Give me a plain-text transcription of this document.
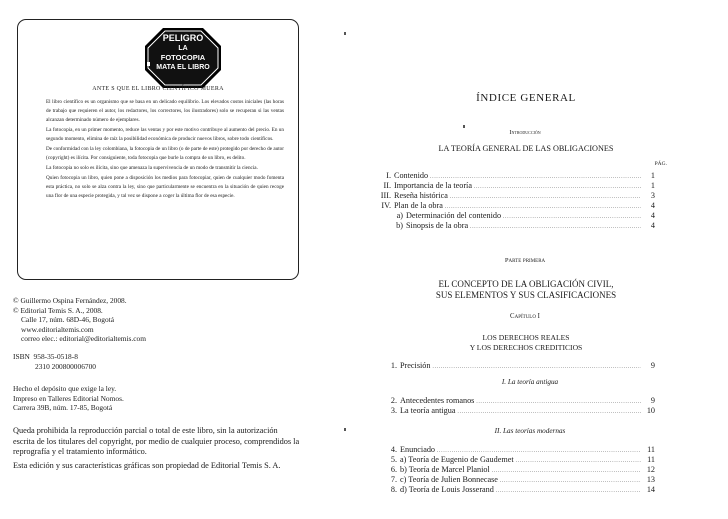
PELIGRO
LA
FOTOCOPIA
MATA EL LIBRO
ANTE S QUE EL LIBRO CIENTÍFICO MUERA

El libro científico es un organismo que se basa en un delicado equilibrio. Los elevados costos iniciales (las horas de trabajo que requieren el autor, los redactores, los correctores, los ilustradores) solo se recuperan si las ventas alcanzan determinado número de ejemplares.

La fotocopia, en un primer momento, reduce las ventas y por este motivo contribuye al aumento del precio. En un segundo momento, elimina de raíz la posibilidad económica de producir nuevos libros, sobre todo científicos.

De conformidad con la ley colombiana, la fotocopia de un libro (o de parte de este) protegido por derecho de autor (copyright) es ilícita. Por consiguiente, toda fotocopia que burle la compra de un libro, es delito.

La fotocopia no solo es ilícita, sino que amenaza la supervivencia de un modo de transmitir la ciencia.

Quien fotocopia un libro, quien pone a disposición los medios para fotocopiar, quien de cualquier modo fomenta esta práctica, no solo se alza contra la ley, sino que particularmente se encuentra en la situación de quien recoge una flor de una especie protegida, y tal vez se dispone a coger la última flor de esa especie.

© Guillermo Ospina Fernández, 2008.
© Editorial Temis S. A., 2008.
Calle 17, núm. 68D-46, Bogotá
www.editorialtemis.com
correo elec.: editorial@editorialtemis.com
ISBN 958-35-0518-8
2310 200800006700
Hecho el depósito que exige la ley.
Impreso en Talleres Editorial Nomos.
Carrera 39B, núm. 17-85, Bogotá

Queda prohibida la reproducción parcial o total de este libro, sin la autorización escrita de los titulares del copyright, por medio de cualquier proceso, comprendidos la reprografía y el tratamiento informático.

Esta edición y sus características gráficas son propiedad de Editorial Temis S. A.

ÍNDICE GENERAL
Introducción
LA TEORÍA GENERAL DE LAS OBLIGACIONES
PÁG.
I. Contenido . . .	1
II. Importancia de la teoría . . .	1
III. Reseña histórica . . .	3
IV. Plan de la obra . . .	4
a) Determinación del contenido . . .	4
b) Sinopsis de la obra . . .	4
Parte primera
EL CONCEPTO DE LA OBLIGACIÓN CIVIL,
SUS ELEMENTOS Y SUS CLASIFICACIONES
Capítulo I
LOS DERECHOS REALES
Y LOS DERECHOS CREDITICIOS
1. Precisión . . .	9
I. La teoría antigua
2. Antecedentes romanos . . .	9
3. La teoría antigua . . .	10
II. Las teorías modernas
4. Enunciado . . .	11
5. a) Teoría de Eugenio de Gaudemet . . .	11
6. b) Teoría de Marcel Planiol . . .	12
7. c) Teoría de Julien Bonnecase . . .	13
8. d) Teoría de Louis Josserand . . .	14
